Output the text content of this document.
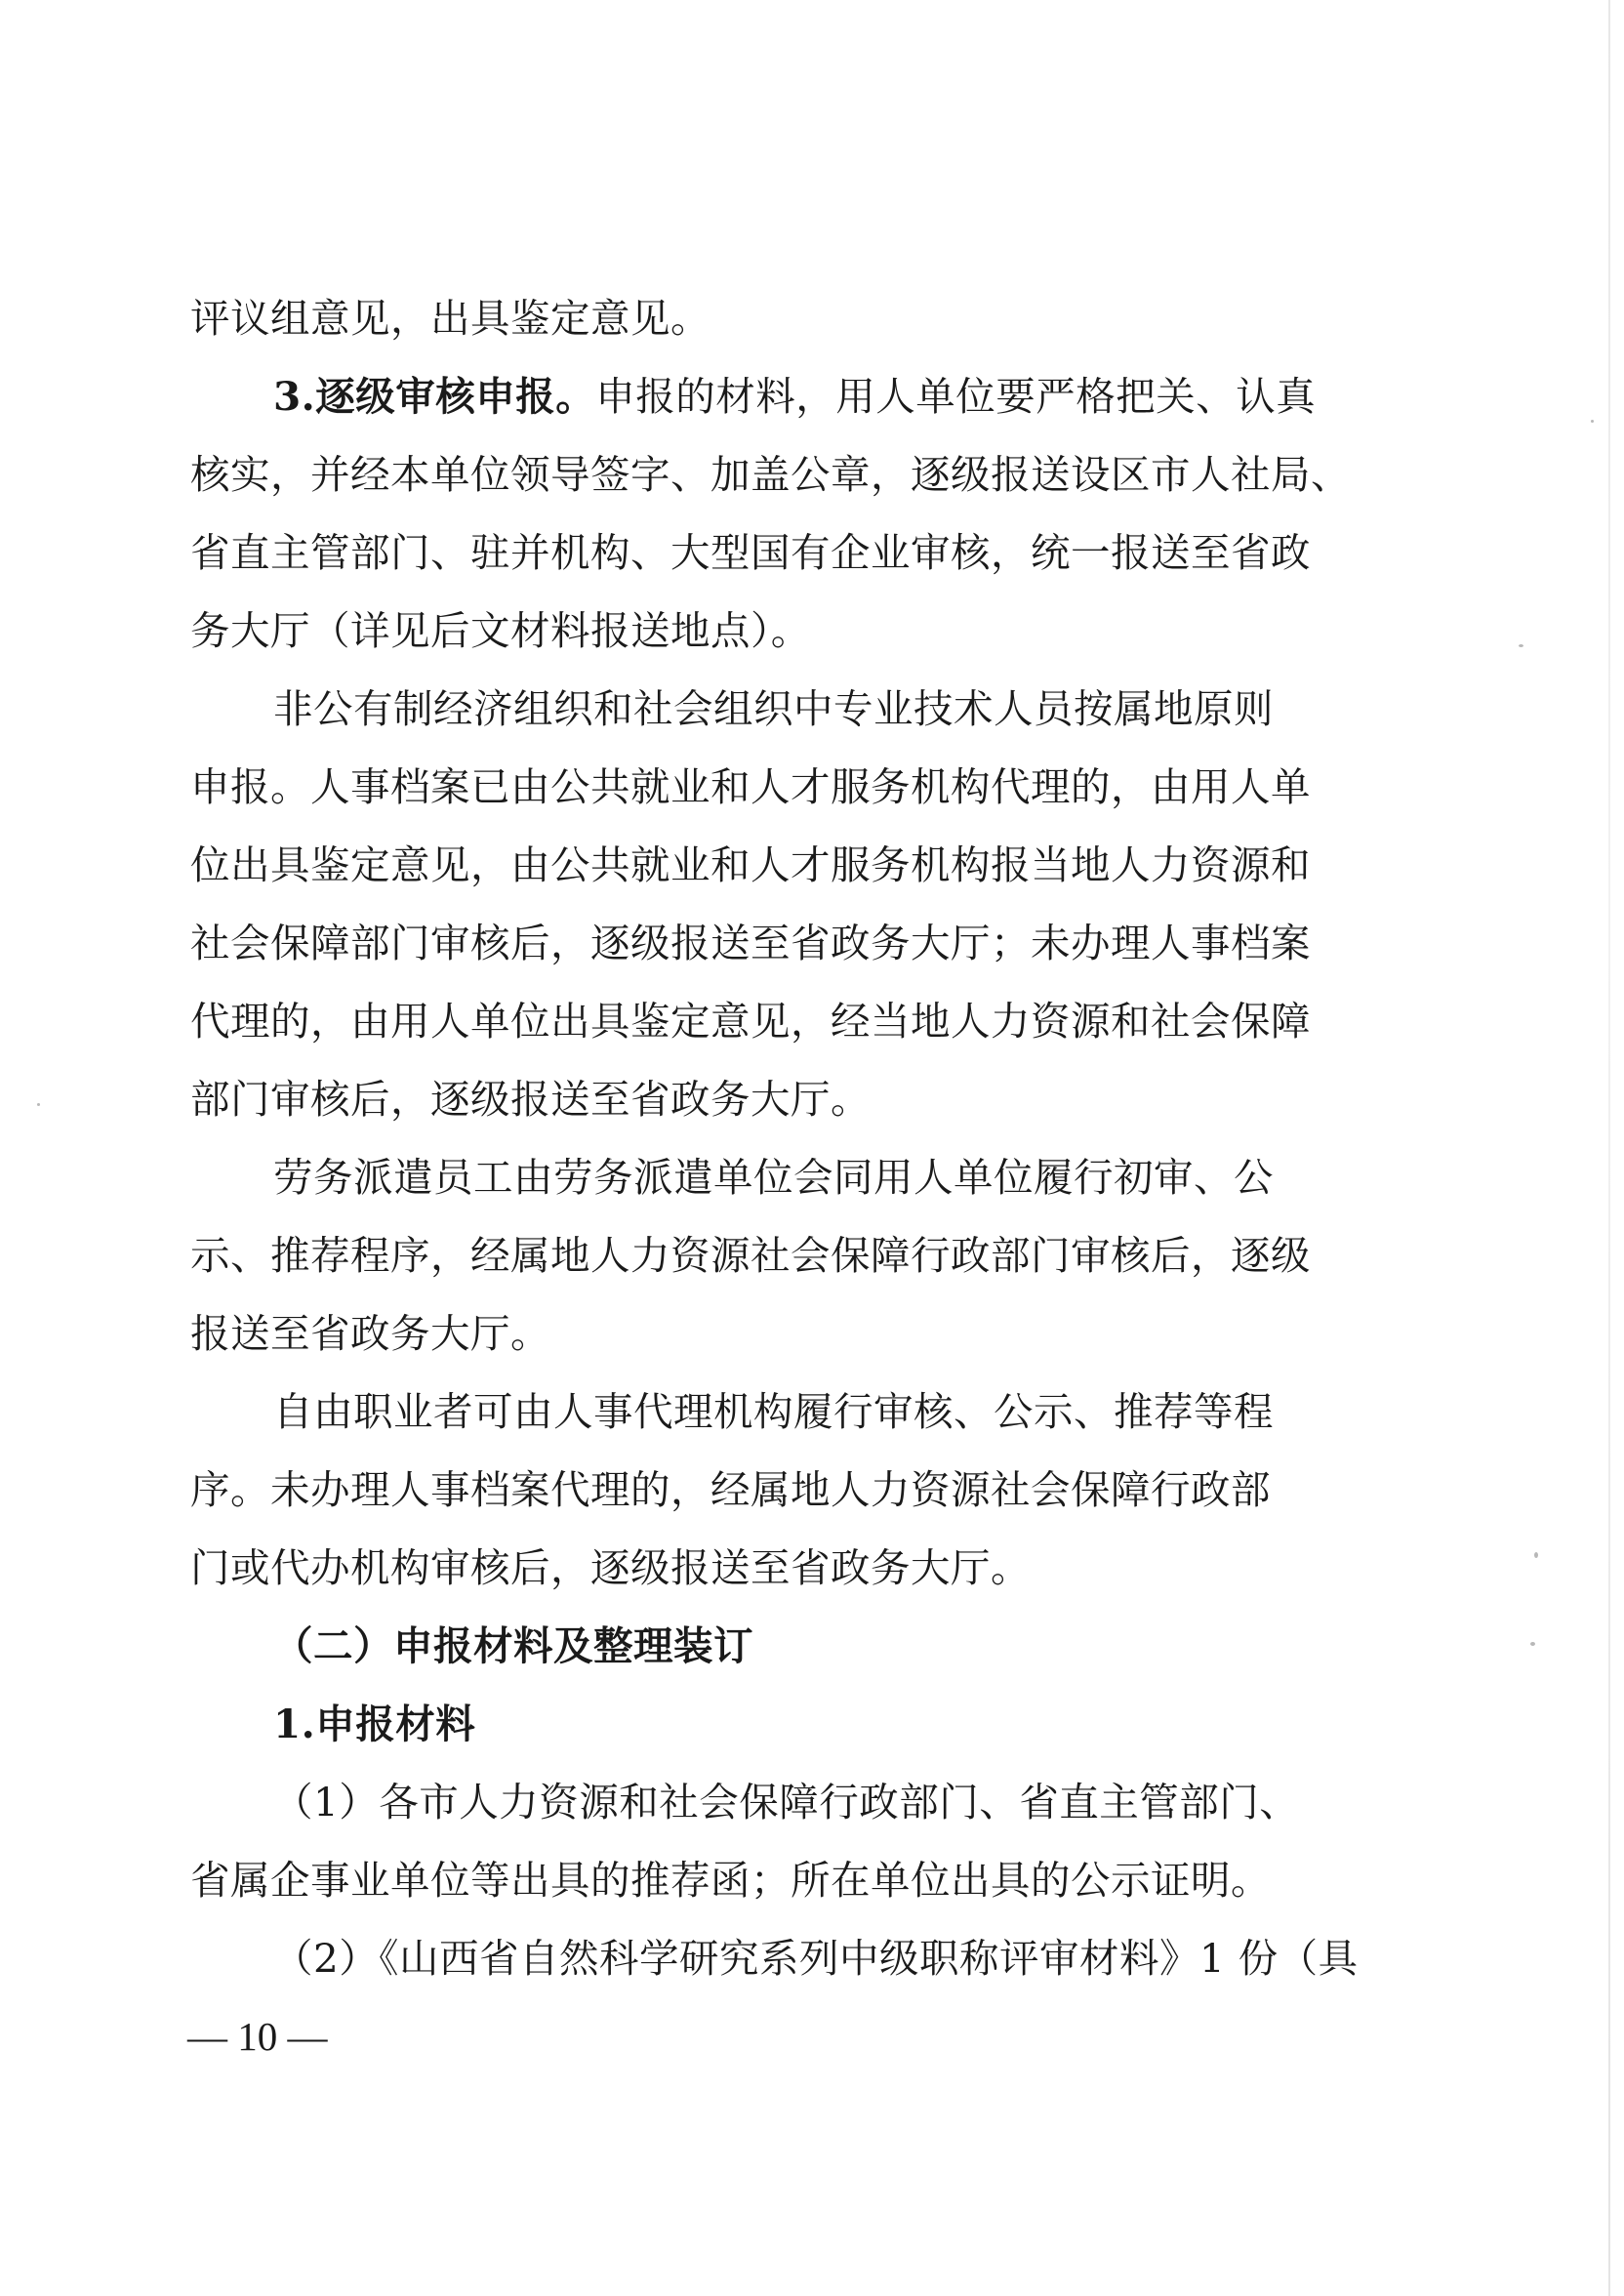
评议组意见，出具鉴定意见。
3.逐级审核申报。申报的材料，用人单位要严格把关、认真
核实，并经本单位领导签字、加盖公章，逐级报送设区市人社局、
省直主管部门、驻并机构、大型国有企业审核，统一报送至省政
务大厅（详见后文材料报送地点）。
非公有制经济组织和社会组织中专业技术人员按属地原则
申报。人事档案已由公共就业和人才服务机构代理的，由用人单
位出具鉴定意见，由公共就业和人才服务机构报当地人力资源和
社会保障部门审核后，逐级报送至省政务大厅；未办理人事档案
代理的，由用人单位出具鉴定意见，经当地人力资源和社会保障
部门审核后，逐级报送至省政务大厅。
劳务派遣员工由劳务派遣单位会同用人单位履行初审、公
示、推荐程序，经属地人力资源社会保障行政部门审核后，逐级
报送至省政务大厅。
自由职业者可由人事代理机构履行审核、公示、推荐等程
序。未办理人事档案代理的，经属地人力资源社会保障行政部
门或代办机构审核后，逐级报送至省政务大厅。
（二）申报材料及整理装订
1.申报材料
（1）各市人力资源和社会保障行政部门、省直主管部门、
省属企事业单位等出具的推荐函；所在单位出具的公示证明。
（2）《山西省自然科学研究系列中级职称评审材料》1 份（具
— 10 —
